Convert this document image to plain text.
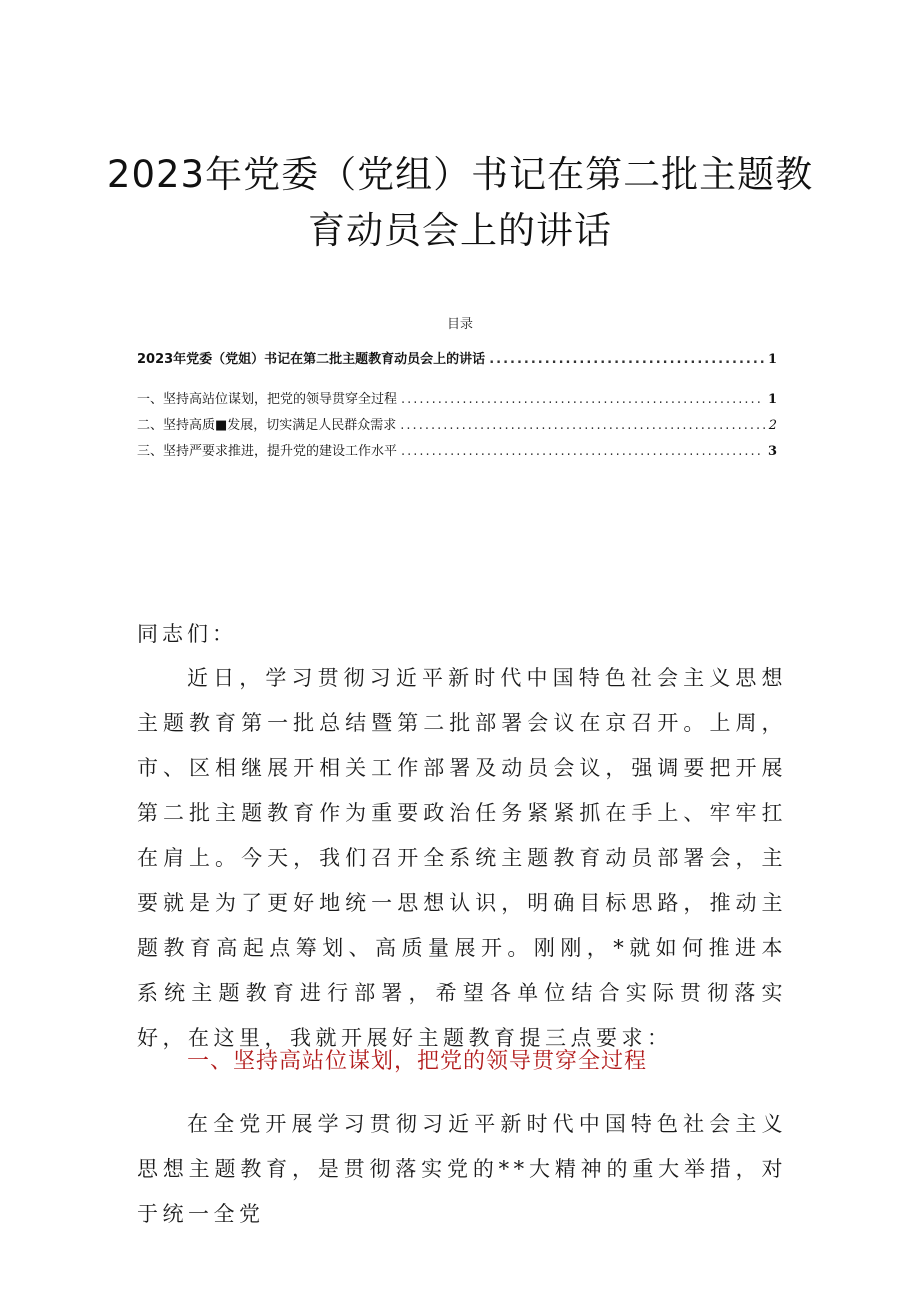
2023年党委（党组）书记在第二批主题教
育动员会上的讲话
目录
2023年党委（党姐）书记在第二批主题教育动员会上的讲话 .....	1
一、坚持高站位谋划，把党的领导贯穿全过程 .....	1
二、坚持高质■发展，切实满足人民群众需求 .....	2
三、坚持严要求推进，提升党的建设工作水平 .....	3
同志们：

近日，学习贯彻习近平新时代中国特色社会主义思想主题教育第一批总结暨第二批部署会议在京召开。上周，市、区相继展开相关工作部署及动员会议，强调要把开展第二批主题教育作为重要政治任务紧紧抓在手上、牢牢扛在肩上。今天，我们召开全系统主题教育动员部署会，主要就是为了更好地统一思想认识，明确目标思路，推动主题教育高起点筹划、高质量展开。刚刚，*就如何推进本系统主题教育进行部署，希望各单位结合实际贯彻落实好，在这里，我就开展好主题教育提三点要求：

一、坚持高站位谋划，把党的领导贯穿全过程

在全党开展学习贯彻习近平新时代中国特色社会主义思想主题教育，是贯彻落实党的**大精神的重大举措，对于统一全党
